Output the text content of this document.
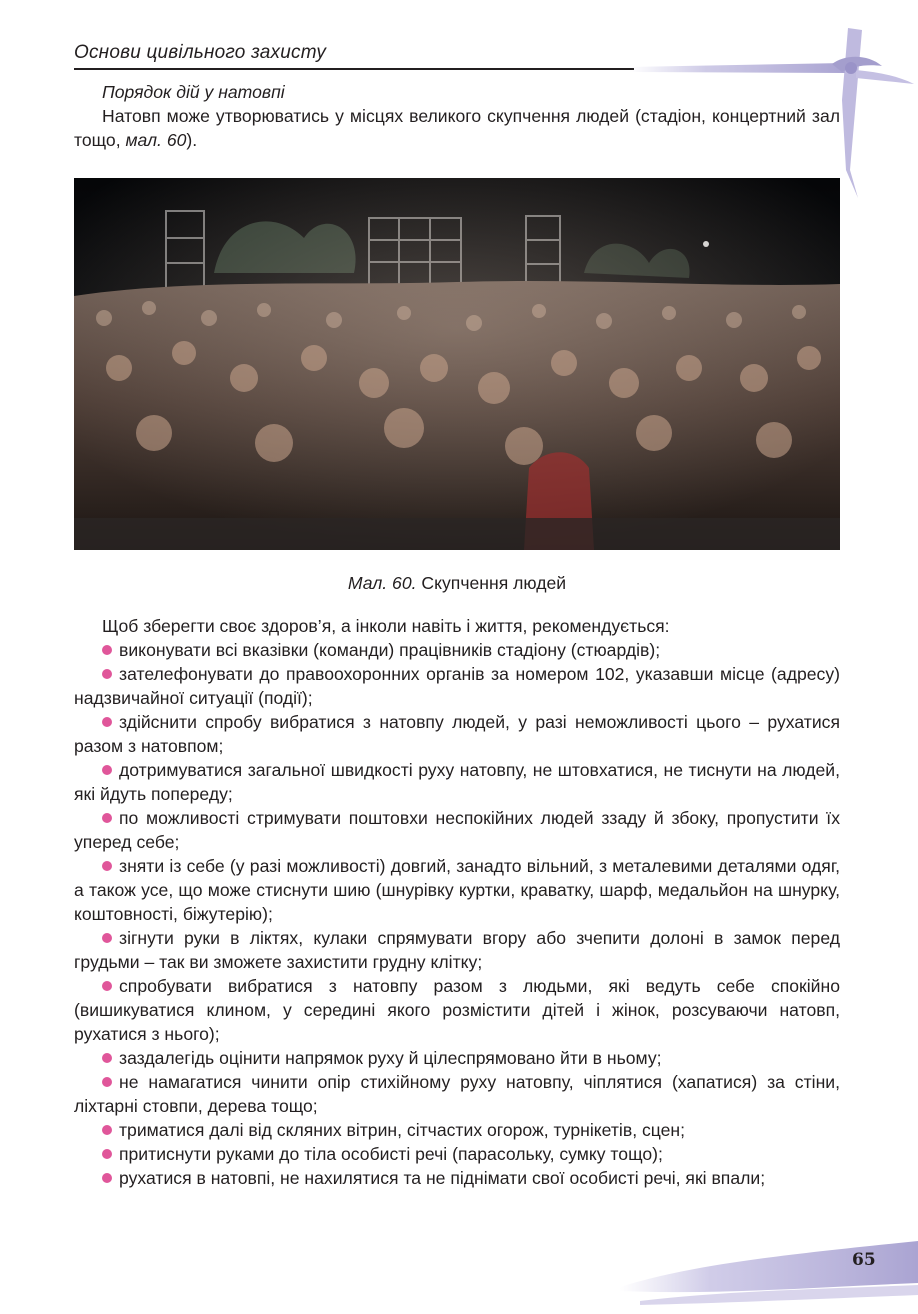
Основи цивільного захисту

Порядок дій у натовпі

Натовп може утворюватись у місцях великого скупчення людей (стадіон, концертний зал тощо, мал. 60).

Мал. 60. Скупчення людей

Щоб зберегти своє здоров’я, а інколи навіть і життя, рекомендується:

виконувати всі вказівки (команди) працівників стадіону (стюардів);

зателефонувати до правоохоронних органів за номером 102, указавши місце (адресу) надзвичайної ситуації (події);

здійснити спробу вибратися з натовпу людей, у разі неможливості цього – рухатися разом з натовпом;

дотримуватися загальної швидкості руху натовпу, не штовхатися, не тиснути на людей, які йдуть попереду;

по можливості стримувати поштовхи неспокійних людей ззаду й збоку, пропустити їх уперед себе;

зняти із себе (у разі можливості) довгий, занадто вільний, з металевими деталями одяг, а також усе, що може стиснути шию (шнурівку куртки, краватку, шарф, медальйон на шнурку, коштовності, біжутерію);

зігнути руки в ліктях, кулаки спрямувати вгору або зчепити долоні в замок перед грудьми – так ви зможете захистити грудну клітку;

спробувати вибратися з натовпу разом з людьми, які ведуть себе спокійно (вишикуватися клином, у середині якого розмістити дітей і жінок, розсуваючи натовп, рухатися з нього);

заздалегідь оцінити напрямок руху й цілеспрямовано йти в ньому;

не намагатися чинити опір стихійному руху натовпу, чіплятися (хапатися) за стіни, ліхтарні стовпи, дерева тощо;

триматися далі від скляних вітрин, сітчастих огорож, турнікетів, сцен;

притиснути руками до тіла особисті речі (парасольку, сумку тощо);

рухатися в натовпі, не нахилятися та не піднімати свої особисті речі, які впали;

65
